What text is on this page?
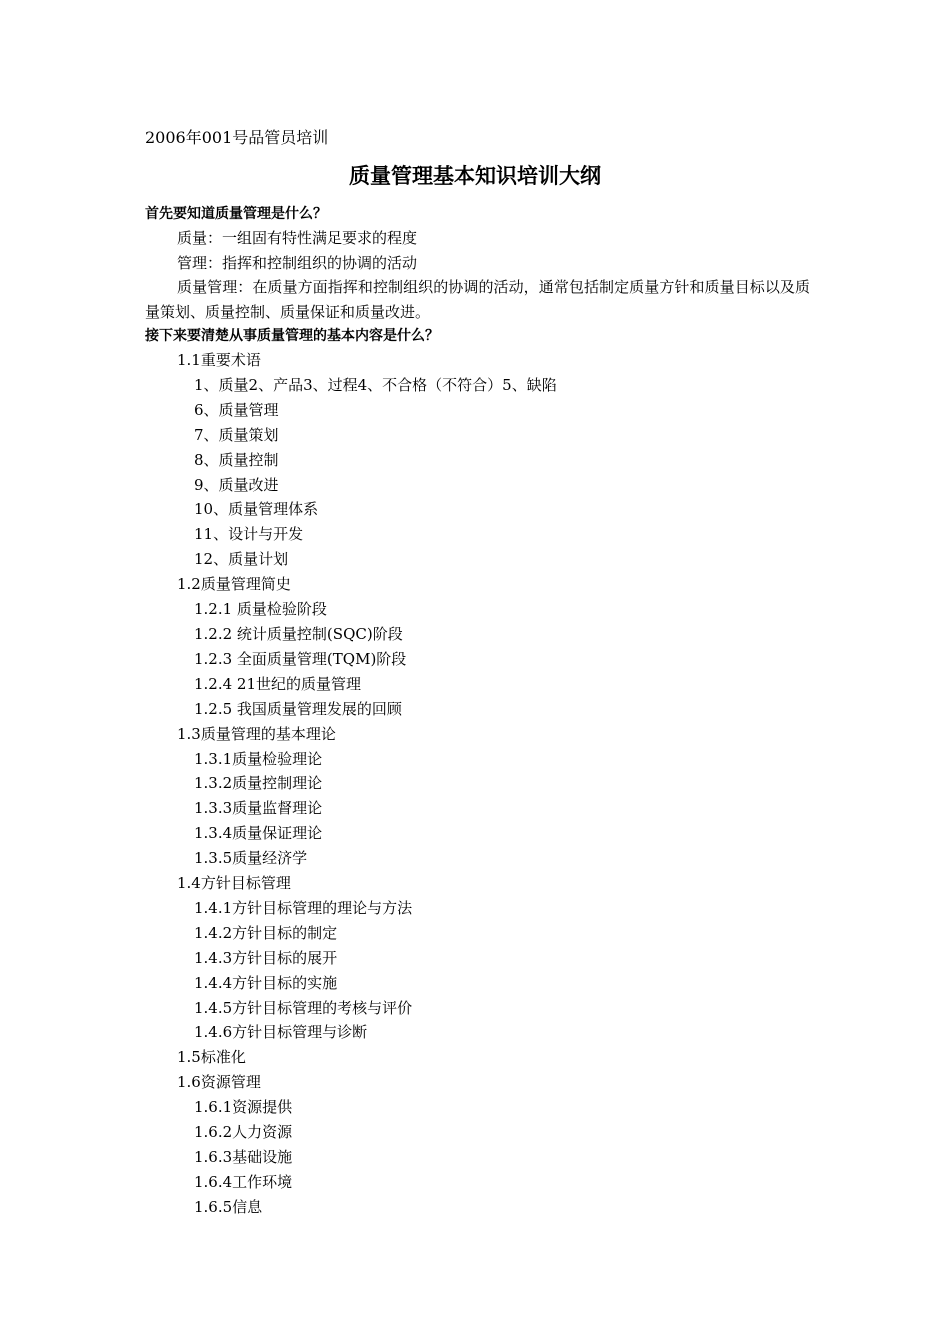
2006年001号品管员培训
质量管理基本知识培训大纲
首先要知道质量管理是什么？
质量：一组固有特性满足要求的程度
管理：指挥和控制组织的协调的活动
质量管理：在质量方面指挥和控制组织的协调的活动，通常包括制定质量方针和质量目标以及质量策划、质量控制、质量保证和质量改进。
接下来要清楚从事质量管理的基本内容是什么？
1.1重要术语
1、质量2、产品3、过程4、不合格（不符合）5、缺陷
6、质量管理
7、质量策划
8、质量控制
9、质量改进
10、质量管理体系
11、设计与开发
12、质量计划
1.2质量管理简史
1.2.1 质量检验阶段
1.2.2 统计质量控制(SQC)阶段
1.2.3 全面质量管理(TQM)阶段
1.2.4 21世纪的质量管理
1.2.5 我国质量管理发展的回顾
1.3质量管理的基本理论
1.3.1质量检验理论
1.3.2质量控制理论
1.3.3质量监督理论
1.3.4质量保证理论
1.3.5质量经济学
1.4方针目标管理
1.4.1方针目标管理的理论与方法
1.4.2方针目标的制定
1.4.3方针目标的展开
1.4.4方针目标的实施
1.4.5方针目标管理的考核与评价
1.4.6方针目标管理与诊断
1.5标准化
1.6资源管理
1.6.1资源提供
1.6.2人力资源
1.6.3基础设施
1.6.4工作环境
1.6.5信息
